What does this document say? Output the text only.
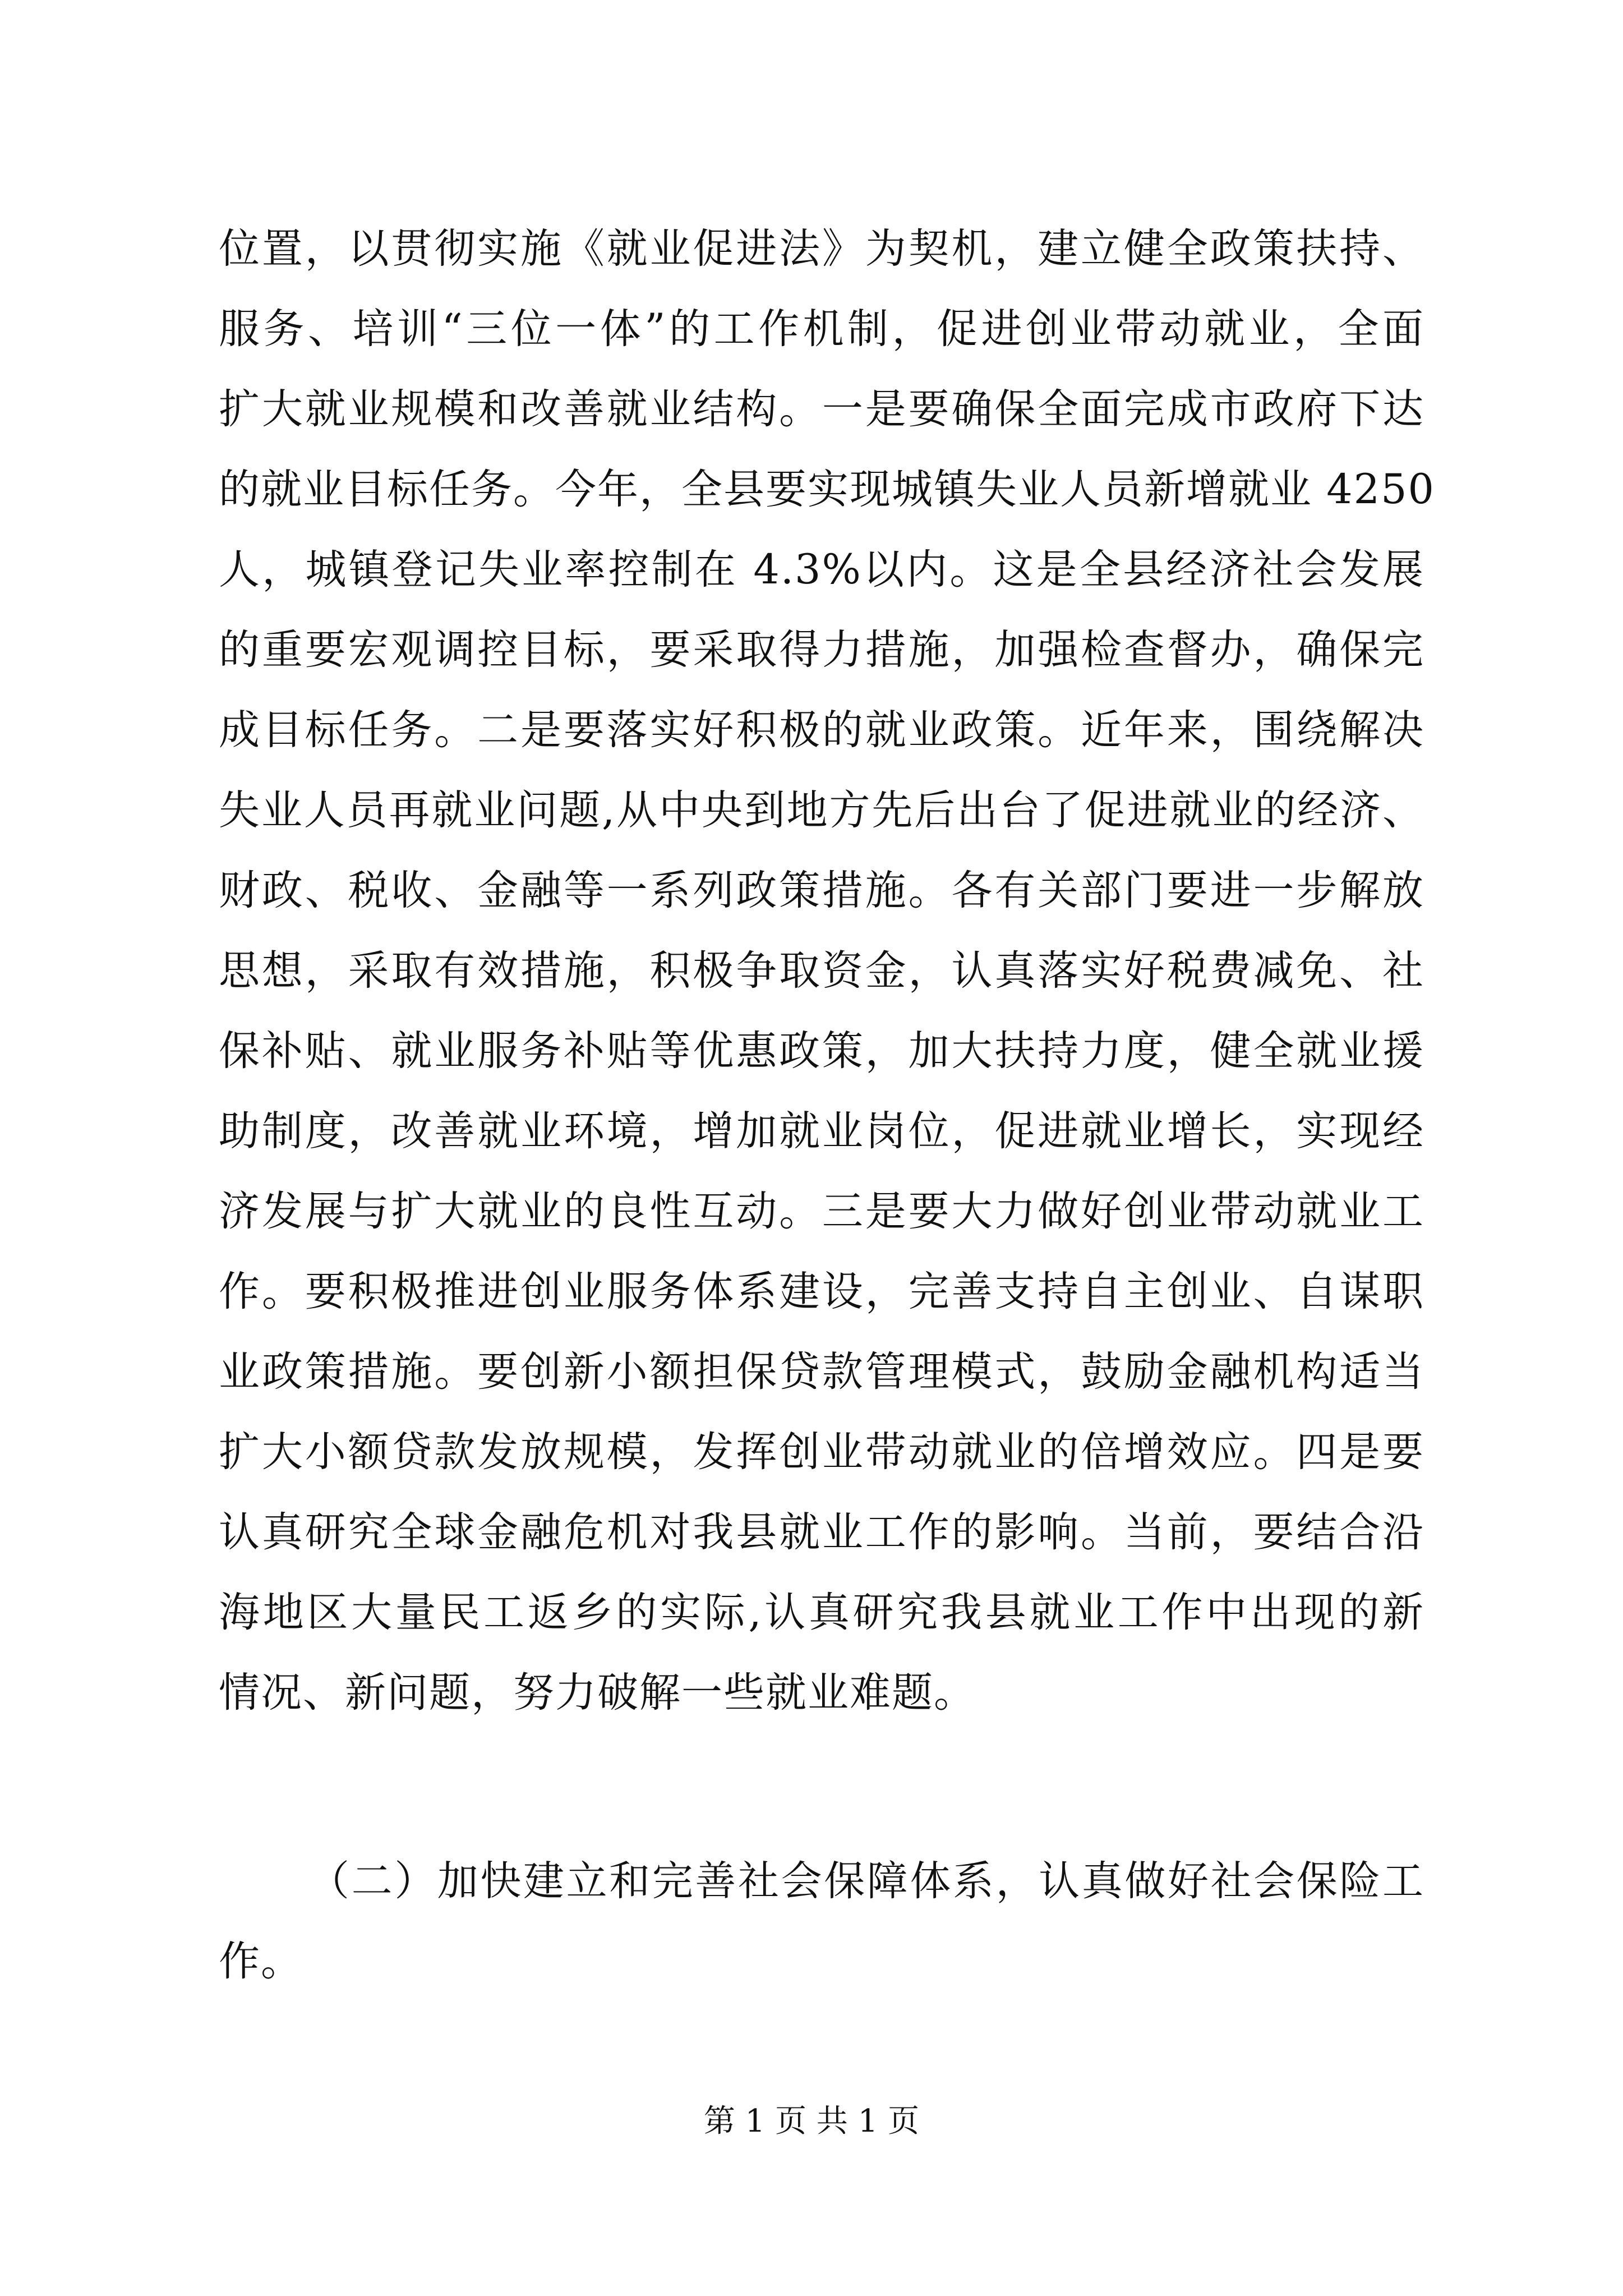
位置，以贯彻实施《就业促进法》为契机，建立健全政策扶持、
服务、培训“三位一体”的工作机制，促进创业带动就业，全面
扩大就业规模和改善就业结构。一是要确保全面完成市政府下达
的就业目标任务。今年，全县要实现城镇失业人员新增就业 4250
人，城镇登记失业率控制在 4.3%以内。这是全县经济社会发展
的重要宏观调控目标，要采取得力措施，加强检查督办，确保完
成目标任务。二是要落实好积极的就业政策。近年来，围绕解决
失业人员再就业问题,从中央到地方先后出台了促进就业的经济、
财政、税收、金融等一系列政策措施。各有关部门要进一步解放
思想，采取有效措施，积极争取资金，认真落实好税费减免、社
保补贴、就业服务补贴等优惠政策，加大扶持力度，健全就业援
助制度，改善就业环境，增加就业岗位，促进就业增长，实现经
济发展与扩大就业的良性互动。三是要大力做好创业带动就业工
作。要积极推进创业服务体系建设，完善支持自主创业、自谋职
业政策措施。要创新小额担保贷款管理模式，鼓励金融机构适当
扩大小额贷款发放规模，发挥创业带动就业的倍增效应。四是要
认真研究全球金融危机对我县就业工作的影响。当前，要结合沿
海地区大量民工返乡的实际,认真研究我县就业工作中出现的新
情况、新问题，努力破解一些就业难题。
（二）加快建立和完善社会保障体系，认真做好社会保险工
作。
第 1 页 共 1 页
